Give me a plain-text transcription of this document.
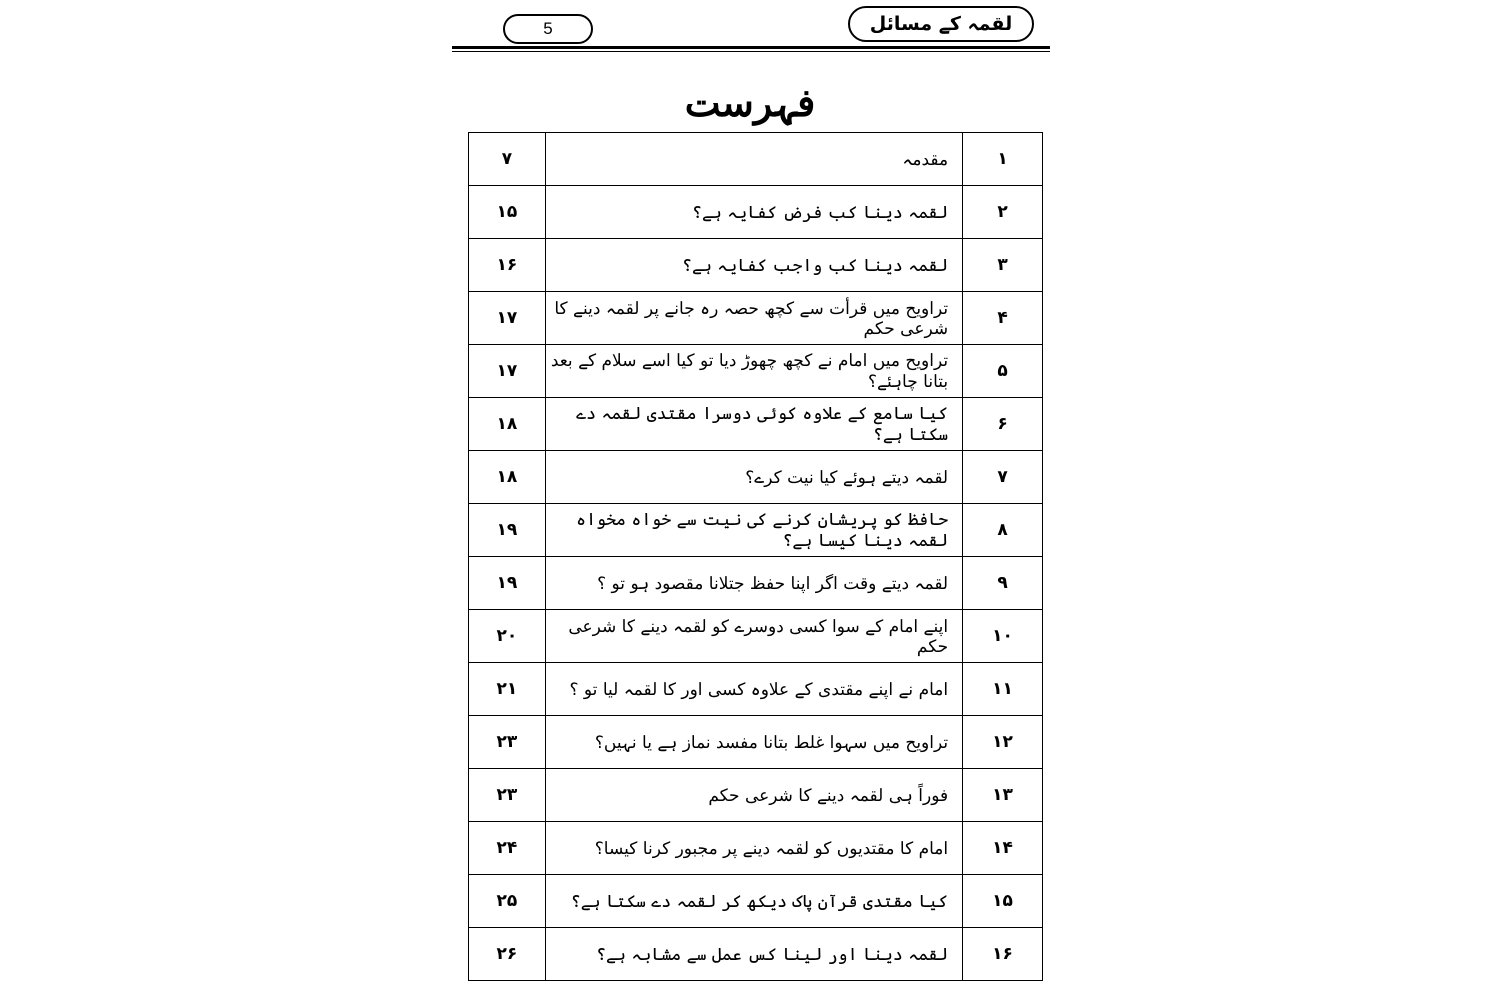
لقمہ کے مسائل
5
فہرست
۷	مقدمہ	۱
۱۵	لقمہ دینا کب فرض کفایہ ہے؟	۲
۱۶	لقمہ دینا کب واجب کفایہ ہے؟	۳
۱۷	تراویح میں قرأت سے کچھ حصہ رہ جانے پر لقمہ دینے کا شرعی حکم	۴
۱۷	تراویح میں امام نے کچھ چھوڑ دیا تو کیا اسے سلام کے بعد بتانا چاہئے؟	۵
۱۸	کیا سامع کے علاوہ کوئی دوسرا مقتدی لقمہ دے سکتا ہے؟	۶
۱۸	لقمہ دیتے ہوئے کیا نیت کرے؟	۷
۱۹	حافظ کو پریشان کرنے کی نیت سے خواہ مخواہ لقمہ دینا کیسا ہے؟	۸
۱۹	لقمہ دیتے وقت اگر اپنا حفظ جتلانا مقصود ہو تو ؟	۹
۲۰	اپنے امام کے سوا کسی دوسرے کو لقمہ دینے کا شرعی حکم	۱۰
۲۱	امام نے اپنے مقتدی کے علاوہ کسی اور کا لقمہ لیا تو ؟	۱۱
۲۳	تراویح میں سہوا غلط بتانا مفسد نماز ہے یا نہیں؟	۱۲
۲۳	فوراً ہی لقمہ دینے کا شرعی حکم	۱۳
۲۴	امام کا مقتدیوں کو لقمہ دینے پر مجبور کرنا کیسا؟	۱۴
۲۵	کیا مقتدی قرآن پاک دیکھ کر لقمہ دے سکتا ہے؟	۱۵
۲۶	لقمہ دینا اور لینا کس عمل سے مشابہ ہے؟	۱۶
